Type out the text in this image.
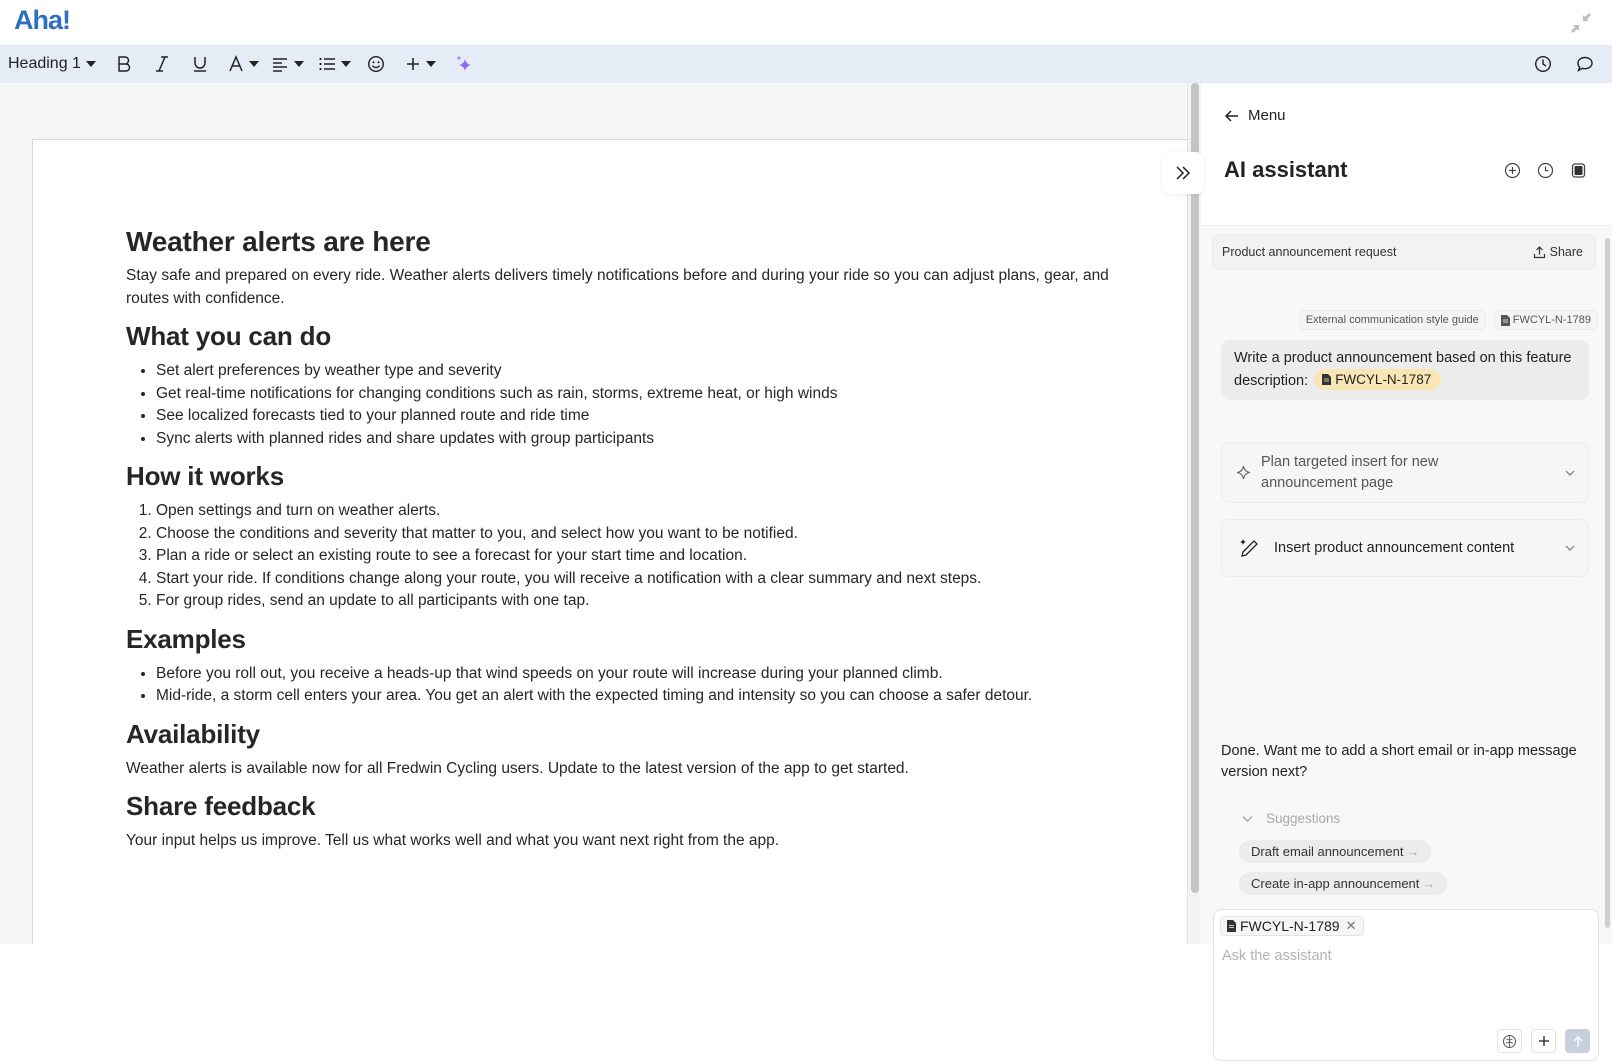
Aha!
Heading 1
Weather alerts are here

Stay safe and prepared on every ride. Weather alerts delivers timely notifications before and during your ride so you can adjust plans, gear, and routes with confidence.

What you can do
• Set alert preferences by weather type and severity
• Get real-time notifications for changing conditions such as rain, storms, extreme heat, or high winds
• See localized forecasts tied to your planned route and ride time
• Sync alerts with planned rides and share updates with group participants
How it works
1. Open settings and turn on weather alerts.
2. Choose the conditions and severity that matter to you, and select how you want to be notified.
3. Plan a ride or select an existing route to see a forecast for your start time and location.
4. Start your ride. If conditions change along your route, you will receive a notification with a clear summary and next steps.
5. For group rides, send an update to all participants with one tap.
Examples
• Before you roll out, you receive a heads-up that wind speeds on your route will increase during your planned climb.
• Mid-ride, a storm cell enters your area. You get an alert with the expected timing and intensity so you can choose a safer detour.
Availability

Weather alerts is available now for all Fredwin Cycling users. Update to the latest version of the app to get started.

Share feedback

Your input helps us improve. Tell us what works well and what you want next right from the app.

Menu
AI assistant
Product announcement request	Share
External communication style guide	FWCYL-N-1789
Write a product announcement based on this feature description: FWCYL-N-1787
Plan targeted insert for new announcement page
Insert product announcement content
Done. Want me to add a short email or in-app message version next?
Suggestions
Draft email announcement →
Create in-app announcement →
FWCYL-N-1789 ✕
Ask the assistant
